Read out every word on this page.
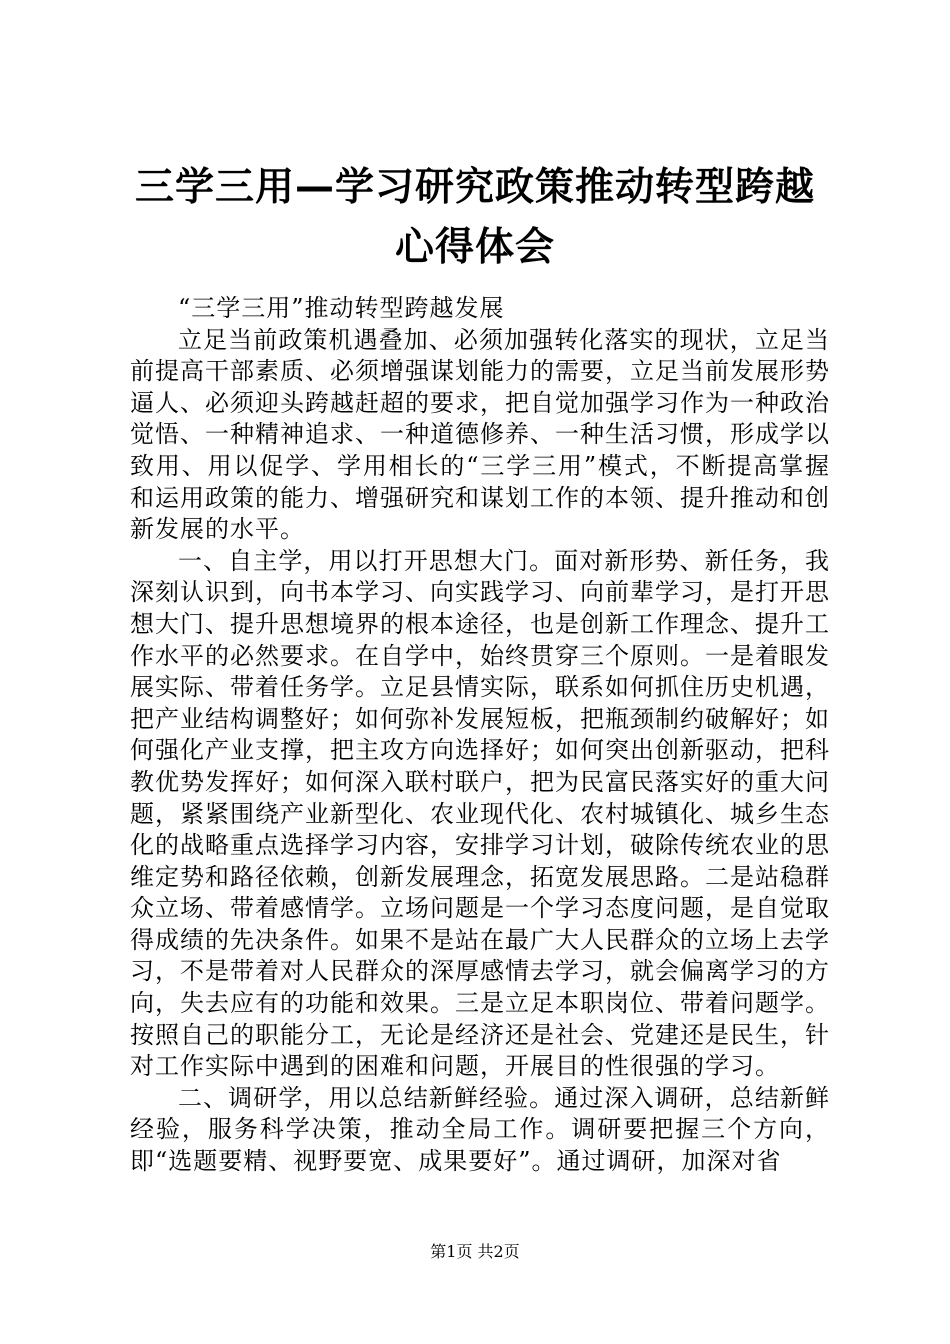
三学三用—学习研究政策推动转型跨越心得体会

“三学三用”推动转型跨越发展

立足当前政策机遇叠加、必须加强转化落实的现状，立足当前提高干部素质、必须增强谋划能力的需要，立足当前发展形势逼人、必须迎头跨越赶超的要求，把自觉加强学习作为一种政治觉悟、一种精神追求、一种道德修养、一种生活习惯，形成学以致用、用以促学、学用相长的“三学三用”模式，不断提高掌握和运用政策的能力、增强研究和谋划工作的本领、提升推动和创新发展的水平。

一、自主学，用以打开思想大门。面对新形势、新任务，我深刻认识到，向书本学习、向实践学习、向前辈学习，是打开思想大门、提升思想境界的根本途径，也是创新工作理念、提升工作水平的必然要求。在自学中，始终贯穿三个原则。一是着眼发展实际、带着任务学。立足县情实际，联系如何抓住历史机遇，把产业结构调整好；如何弥补发展短板，把瓶颈制约破解好；如何强化产业支撑，把主攻方向选择好；如何突出创新驱动，把科教优势发挥好；如何深入联村联户，把为民富民落实好的重大问题，紧紧围绕产业新型化、农业现代化、农村城镇化、城乡生态化的战略重点选择学习内容，安排学习计划，破除传统农业的思维定势和路径依赖，创新发展理念，拓宽发展思路。二是站稳群众立场、带着感情学。立场问题是一个学习态度问题，是自觉取得成绩的先决条件。如果不是站在最广大人民群众的立场上去学习，不是带着对人民群众的深厚感情去学习，就会偏离学习的方向，失去应有的功能和效果。三是立足本职岗位、带着问题学。按照自己的职能分工，无论是经济还是社会、党建还是民生，针对工作实际中遇到的困难和问题，开展目的性很强的学习。

二、调研学，用以总结新鲜经验。通过深入调研，总结新鲜经验，服务科学决策，推动全局工作。调研要把握三个方向，即“选题要精、视野要宽、成果要好”。通过调研，加深对省

第1页 共2页
